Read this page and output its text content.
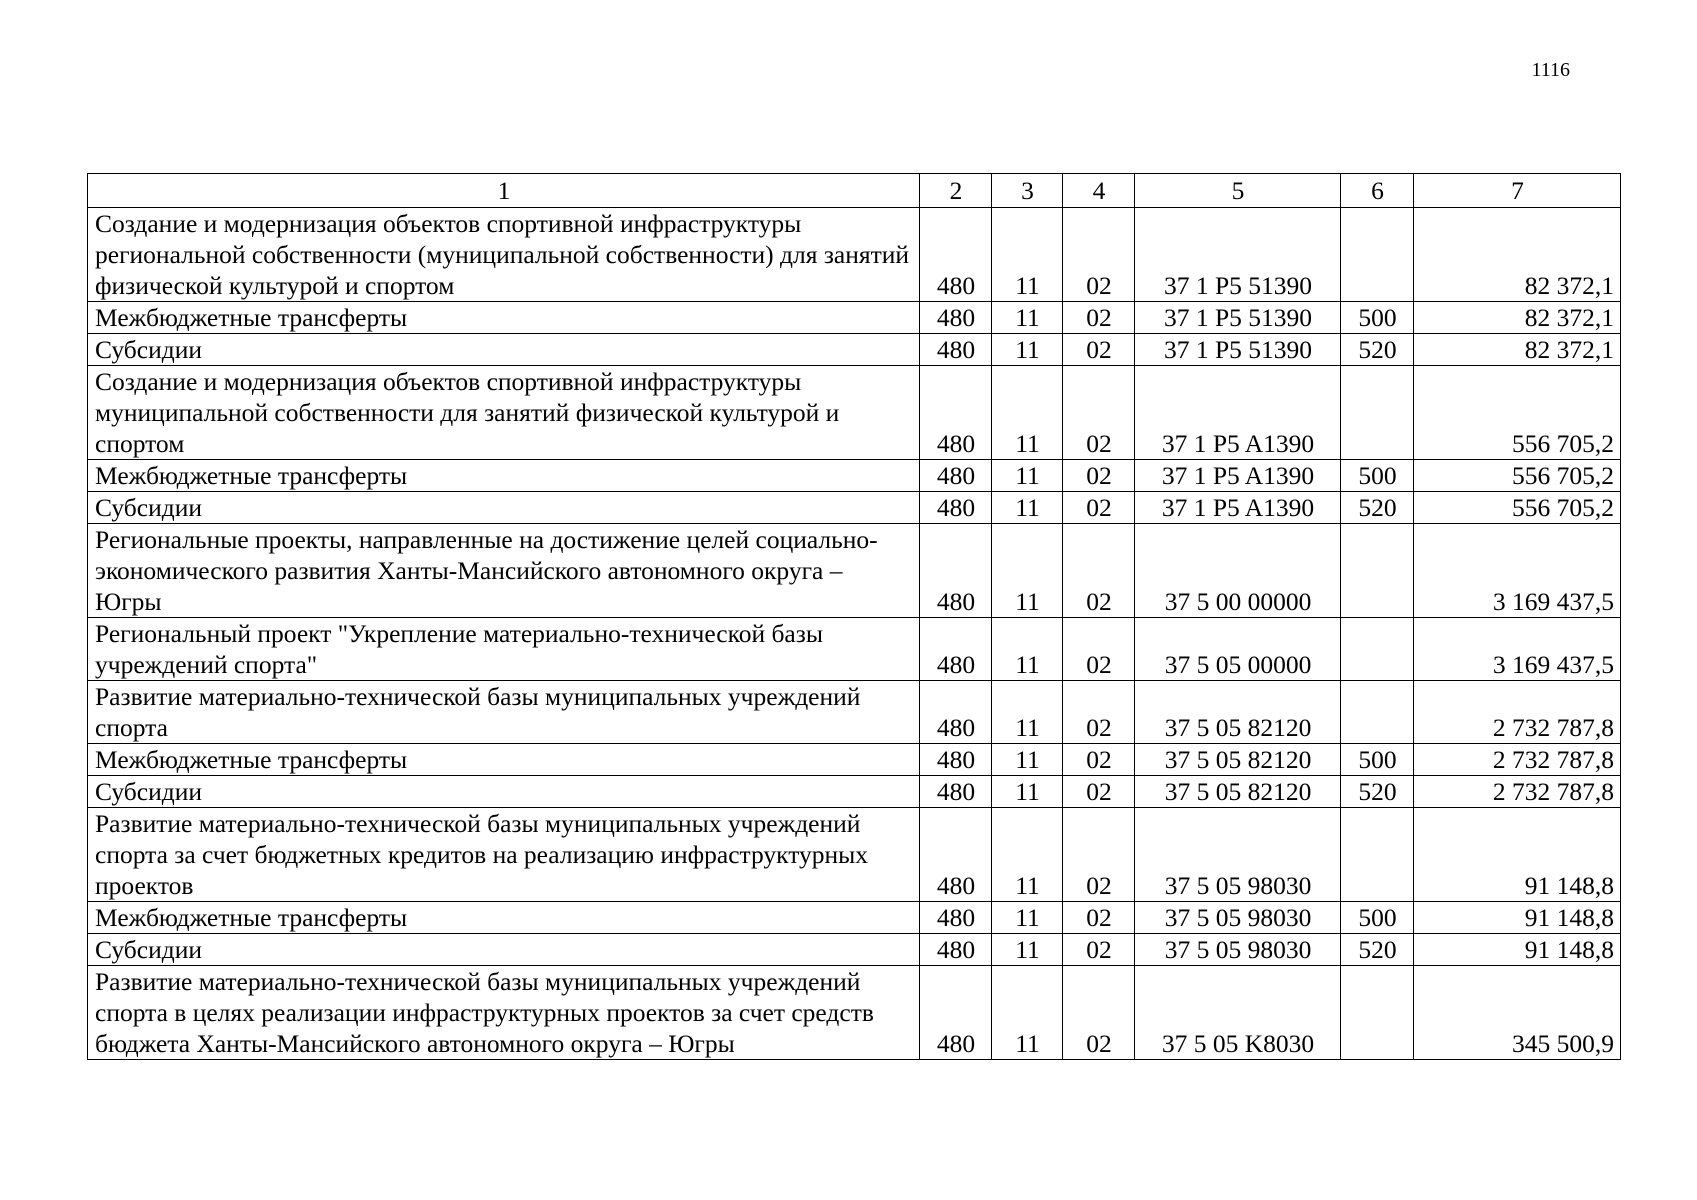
1116
1	2	3	4	5	6	7
Создание и модернизация объектов спортивной инфраструктуры региональной собственности (муниципальной собственности) для занятий физической культурой и спортом	480	11	02	37 1 P5 51390		82 372,1
Межбюджетные трансферты	480	11	02	37 1 P5 51390	500	82 372,1
Субсидии	480	11	02	37 1 P5 51390	520	82 372,1
Создание и модернизация объектов спортивной инфраструктуры муниципальной собственности для занятий физической культурой и спортом	480	11	02	37 1 P5 A1390		556 705,2
Межбюджетные трансферты	480	11	02	37 1 P5 A1390	500	556 705,2
Субсидии	480	11	02	37 1 P5 A1390	520	556 705,2
Региональные проекты, направленные на достижение целей социально-экономического развития Ханты-Мансийского автономного округа – Югры	480	11	02	37 5 00 00000		3 169 437,5
Региональный проект "Укрепление материально-технической базы учреждений спорта"	480	11	02	37 5 05 00000		3 169 437,5
Развитие материально-технической базы муниципальных учреждений спорта	480	11	02	37 5 05 82120		2 732 787,8
Межбюджетные трансферты	480	11	02	37 5 05 82120	500	2 732 787,8
Субсидии	480	11	02	37 5 05 82120	520	2 732 787,8
Развитие материально-технической базы муниципальных учреждений спорта за счет бюджетных кредитов на реализацию инфраструктурных проектов	480	11	02	37 5 05 98030		91 148,8
Межбюджетные трансферты	480	11	02	37 5 05 98030	500	91 148,8
Субсидии	480	11	02	37 5 05 98030	520	91 148,8
Развитие материально-технической базы муниципальных учреждений спорта в целях реализации инфраструктурных проектов за счет средств бюджета Ханты-Мансийского автономного округа – Югры	480	11	02	37 5 05 K8030		345 500,9
